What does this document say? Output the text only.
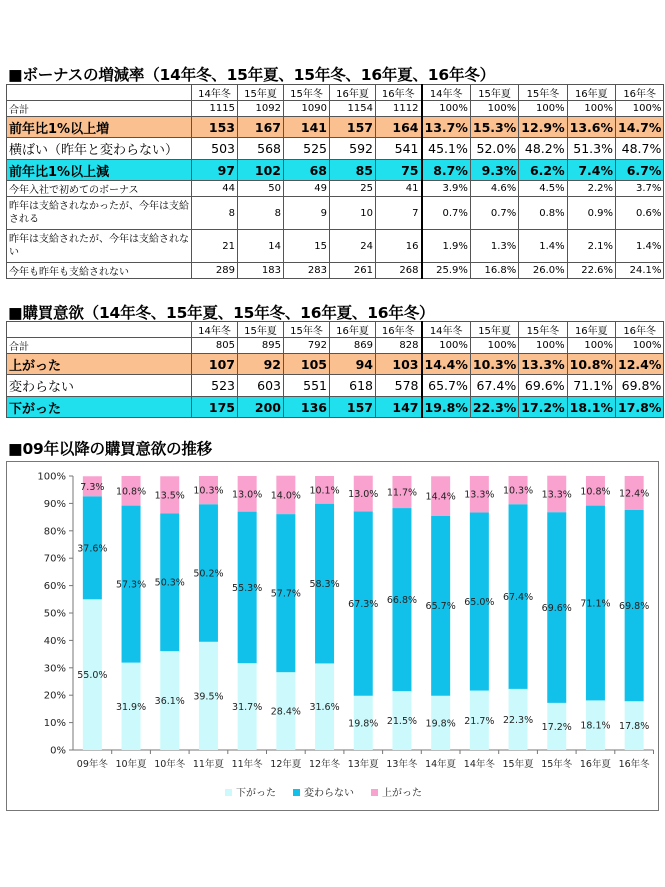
■ボーナスの増減率（14年冬、15年夏、15年冬、16年夏、16年冬）
	14年冬	15年夏	15年冬	16年夏	16年冬	14年冬	15年夏	15年冬	16年夏	16年冬
合計	1115	1092	1090	1154	1112	100%	100%	100%	100%	100%
前年比1%以上増	153	167	141	157	164	13.7%	15.3%	12.9%	13.6%	14.7%
横ばい（昨年と変わらない）	503	568	525	592	541	45.1%	52.0%	48.2%	51.3%	48.7%
前年比1%以上減	97	102	68	85	75	8.7%	9.3%	6.2%	7.4%	6.7%
今年入社で初めてのボーナス	44	50	49	25	41	3.9%	4.6%	4.5%	2.2%	3.7%
昨年は支給されなかったが、今年は支給される	8	8	9	10	7	0.7%	0.7%	0.8%	0.9%	0.6%
昨年は支給されたが、今年は支給されない	21	14	15	24	16	1.9%	1.3%	1.4%	2.1%	1.4%
今年も昨年も支給されない	289	183	283	261	268	25.9%	16.8%	26.0%	22.6%	24.1%
■購買意欲（14年冬、15年夏、15年冬、16年夏、16年冬）
	14年冬	15年夏	15年冬	16年夏	16年冬	14年冬	15年夏	15年冬	16年夏	16年冬
合計	805	895	792	869	828	100%	100%	100%	100%	100%
上がった	107	92	105	94	103	14.4%	10.3%	13.3%	10.8%	12.4%
変わらない	523	603	551	618	578	65.7%	67.4%	69.6%	71.1%	69.8%
下がった	175	200	136	157	147	19.8%	22.3%	17.2%	18.1%	17.8%
■09年以降の購買意欲の推移
0%
10%
20%
30%
40%
50%
60%
70%
80%
90%
100%
55.0%
37.6%
7.3%
09年冬
31.9%
57.3%
10.8%
10年夏
36.1%
50.3%
13.5%
10年冬
39.5%
50.2%
10.3%
11年夏
31.7%
55.3%
13.0%
11年冬
28.4%
57.7%
14.0%
12年夏
31.6%
58.3%
10.1%
12年冬
19.8%
67.3%
13.0%
13年夏
21.5%
66.8%
11.7%
13年冬
19.8%
65.7%
14.4%
14年夏
21.7%
65.0%
13.3%
14年冬
22.3%
67.4%
10.3%
15年夏
17.2%
69.6%
13.3%
15年冬
18.1%
71.1%
10.8%
16年夏
17.8%
69.8%
12.4%
16年冬
下がった	変わらない	上がった
